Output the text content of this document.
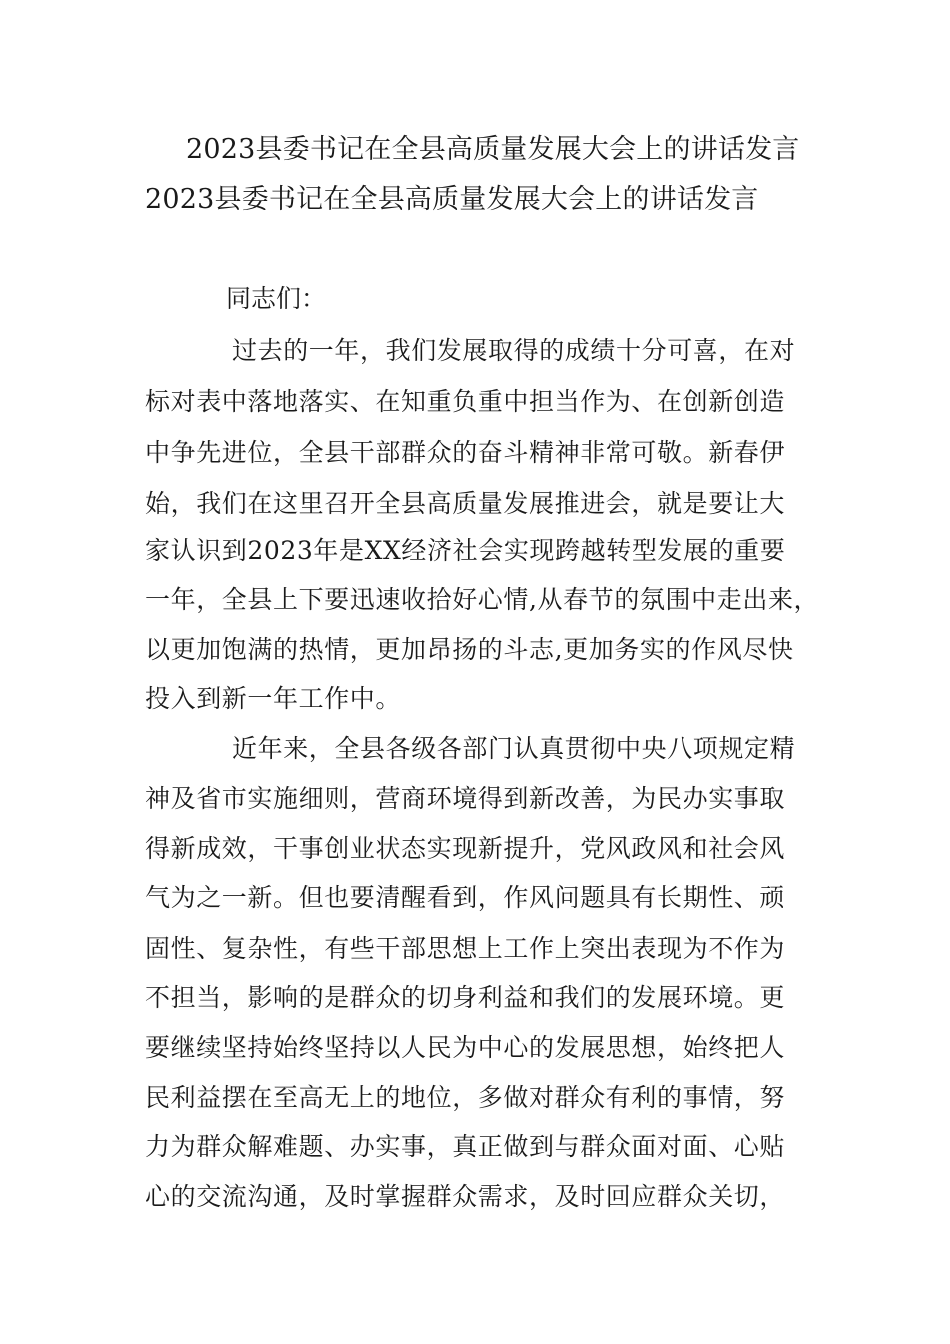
2023县委书记在全县高质量发展大会上的讲话发言
2023县委书记在全县高质量发展大会上的讲话发言
同志们：
过去的一年，我们发展取得的成绩十分可喜，在对
标对表中落地落实、在知重负重中担当作为、在创新创造
中争先进位，全县干部群众的奋斗精神非常可敬。新春伊
始，我们在这里召开全县高质量发展推进会，就是要让大
家认识到2023年是XX经济社会实现跨越转型发展的重要
一年，全县上下要迅速收拾好心情,从春节的氛围中走出来，
以更加饱满的热情，更加昂扬的斗志,更加务实的作风尽快
投入到新一年工作中。
近年来，全县各级各部门认真贯彻中央八项规定精
神及省市实施细则，营商环境得到新改善，为民办实事取
得新成效，干事创业状态实现新提升，党风政风和社会风
气为之一新。但也要清醒看到，作风问题具有长期性、顽
固性、复杂性，有些干部思想上工作上突出表现为不作为
不担当，影响的是群众的切身利益和我们的发展环境。更
要继续坚持始终坚持以人民为中心的发展思想，始终把人
民利益摆在至高无上的地位，多做对群众有利的事情，努
力为群众解难题、办实事，真正做到与群众面对面、心贴
心的交流沟通，及时掌握群众需求，及时回应群众关切，
